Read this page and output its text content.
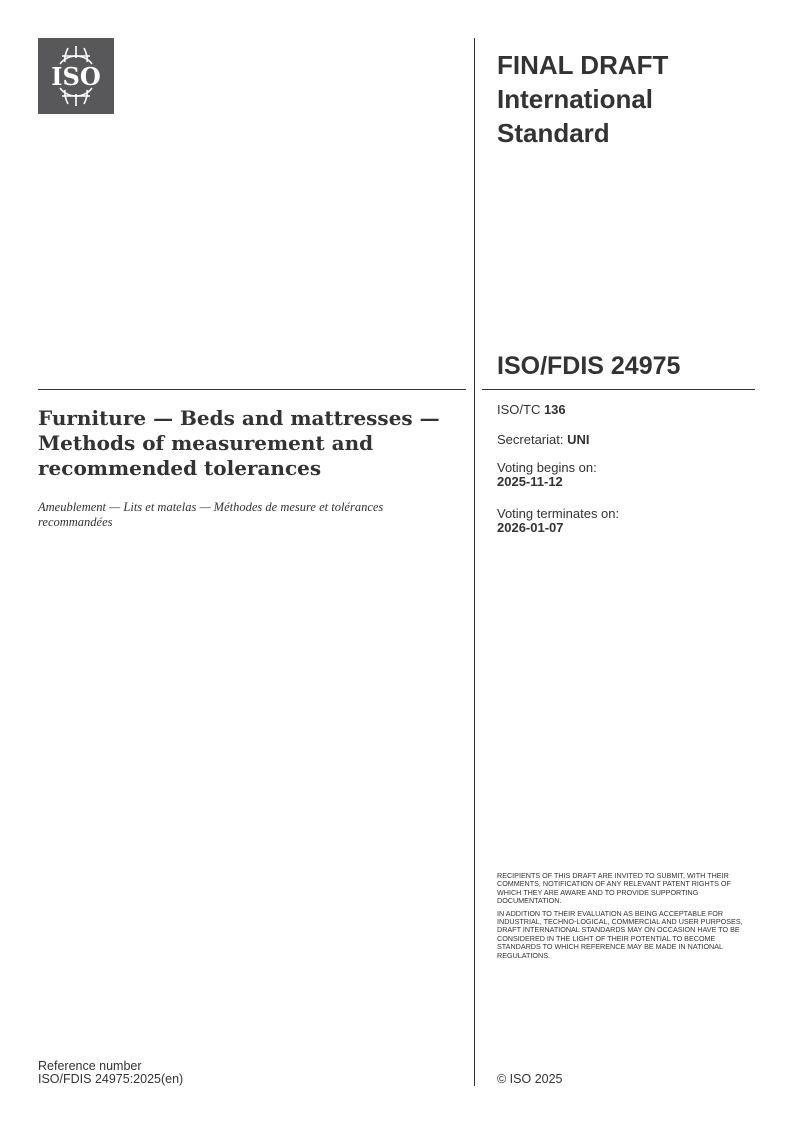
ISO	FINAL DRAFT
International
Standard
ISO/FDIS 24975
Furniture — Beds and mattresses — Methods of measurement and recommended tolerances
Ameublement — Lits et matelas — Méthodes de mesure et tolérances recommandées
ISO/TC 136
Secretariat: UNI
Voting begins on:
2025-11-12
Voting terminates on:
2026-01-07

RECIPIENTS OF THIS DRAFT ARE INVITED TO SUBMIT, WITH THEIR COMMENTS, NOTIFICATION OF ANY RELEVANT PATENT RIGHTS OF WHICH THEY ARE AWARE AND TO PROVIDE SUPPORTING DOCUMENTATION.

IN ADDITION TO THEIR EVALUATION AS BEING ACCEPTABLE FOR INDUSTRIAL, TECHNO-LOGICAL, COMMERCIAL AND USER PURPOSES, DRAFT INTERNATIONAL STANDARDS MAY ON OCCASION HAVE TO BE CONSIDERED IN THE LIGHT OF THEIR POTENTIAL TO BECOME STANDARDS TO WHICH REFERENCE MAY BE MADE IN NATIONAL REGULATIONS.

Reference number
ISO/FDIS 24975:2025(en)	© ISO 2025
